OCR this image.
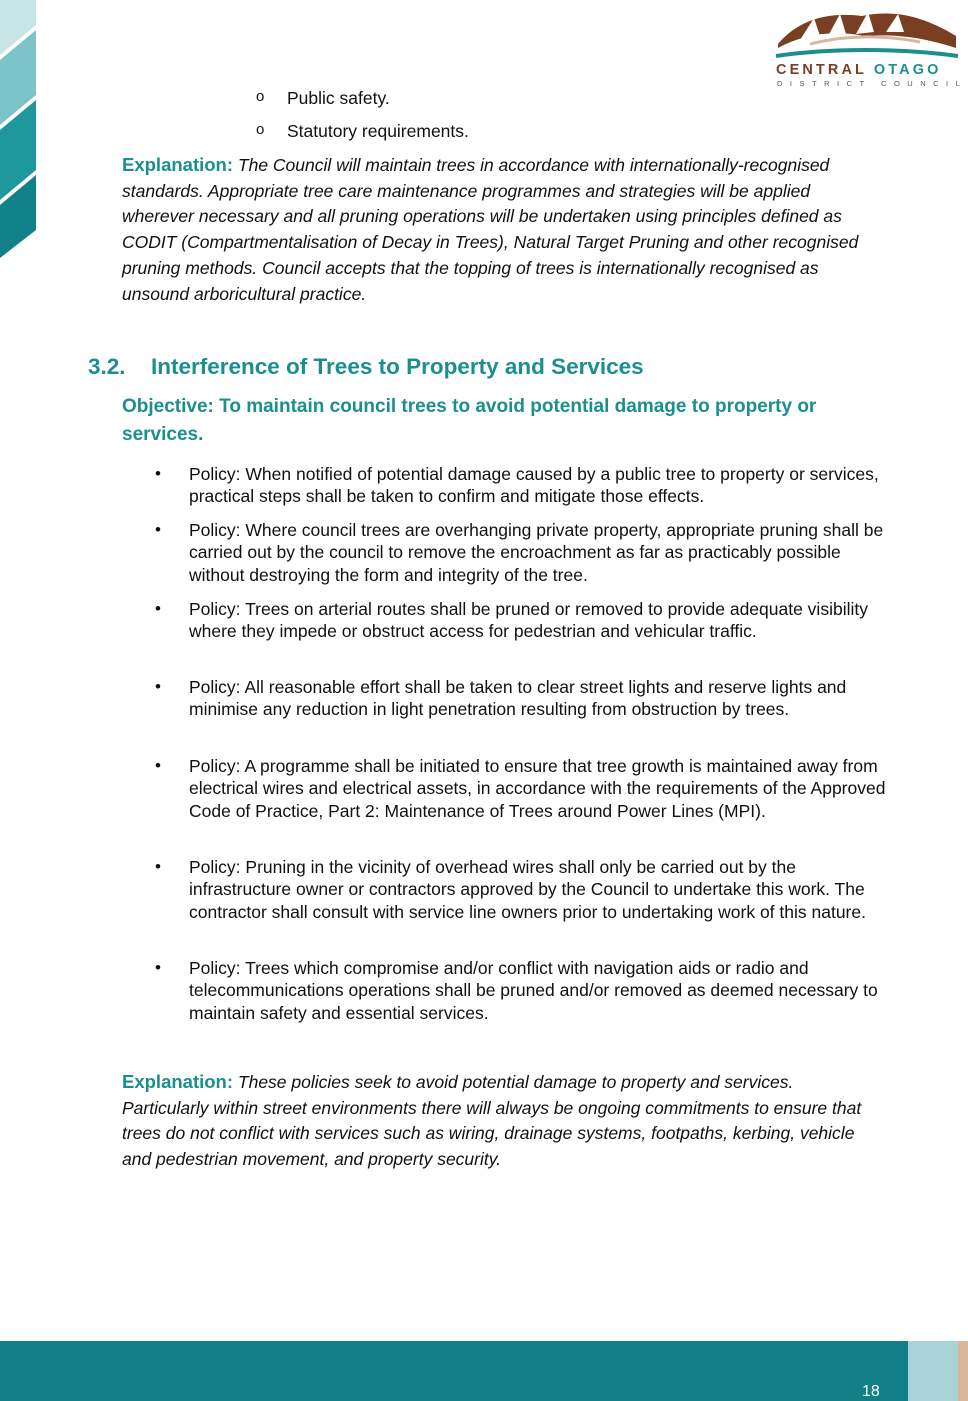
CENTRAL OTAGO
DISTRICT COUNCIL
o Public safety.
o Statutory requirements.

Explanation: The Council will maintain trees in accordance with internationally-recognised standards. Appropriate tree care maintenance programmes and strategies will be applied wherever necessary and all pruning operations will be undertaken using principles defined as CODIT (Compartmentalisation of Decay in Trees), Natural Target Pruning and other recognised pruning methods. Council accepts that the topping of trees is internationally recognised as unsound arboricultural practice.

3.2. Interference of Trees to Property and Services

Objective: To maintain council trees to avoid potential damage to property or services.

• Policy: When notified of potential damage caused by a public tree to property or services, practical steps shall be taken to confirm and mitigate those effects.
• Policy: Where council trees are overhanging private property, appropriate pruning shall be carried out by the council to remove the encroachment as far as practicably possible without destroying the form and integrity of the tree.
• Policy: Trees on arterial routes shall be pruned or removed to provide adequate visibility where they impede or obstruct access for pedestrian and vehicular traffic.
• Policy: All reasonable effort shall be taken to clear street lights and reserve lights and minimise any reduction in light penetration resulting from obstruction by trees.
• Policy: A programme shall be initiated to ensure that tree growth is maintained away from electrical wires and electrical assets, in accordance with the requirements of the Approved Code of Practice, Part 2: Maintenance of Trees around Power Lines (MPI).
• Policy: Pruning in the vicinity of overhead wires shall only be carried out by the infrastructure owner or contractors approved by the Council to undertake this work. The contractor shall consult with service line owners prior to undertaking work of this nature.
• Policy: Trees which compromise and/or conflict with navigation aids or radio and telecommunications operations shall be pruned and/or removed as deemed necessary to maintain safety and essential services.

Explanation: These policies seek to avoid potential damage to property and services. Particularly within street environments there will always be ongoing commitments to ensure that trees do not conflict with services such as wiring, drainage systems, footpaths, kerbing, vehicle and pedestrian movement, and property security.

18
